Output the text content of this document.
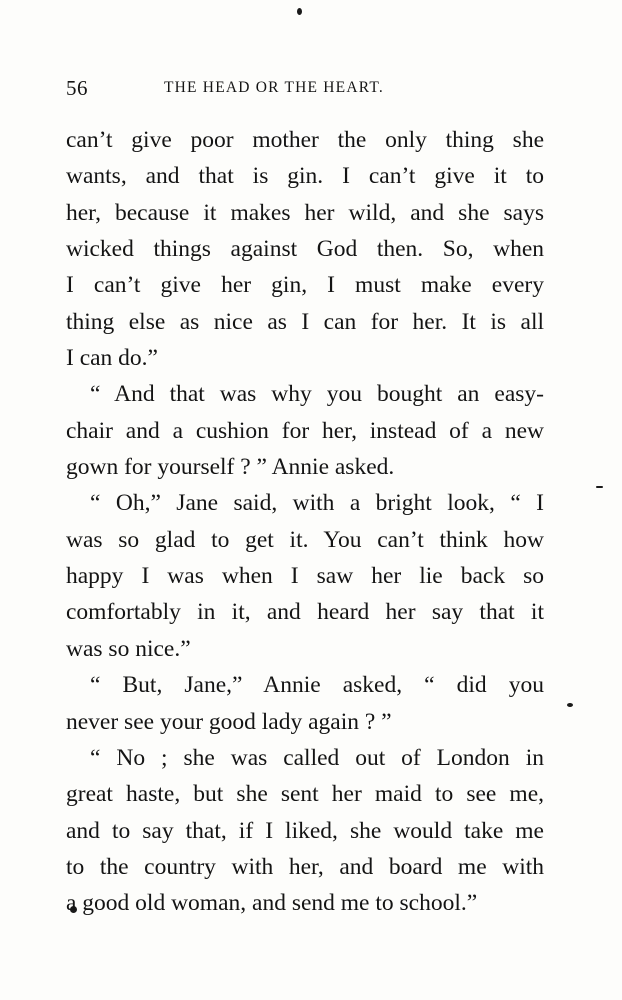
56	THE HEAD OR THE HEART.
can’t give poor mother the only thing she
wants, and that is gin. I can’t give it to
her, because it makes her wild, and she says
wicked things against God then. So, when
I can’t give her gin, I must make every
thing else as nice as I can for her. It is all
I can do.”
“ And that was why you bought an easy-
chair and a cushion for her, instead of a new
gown for yourself ? ” Annie asked.
“ Oh,” Jane said, with a bright look, “ I
was so glad to get it. You can’t think how
happy I was when I saw her lie back so
comfortably in it, and heard her say that it
was so nice.”
“ But, Jane,” Annie asked, “ did you
never see your good lady again ? ”
“ No ; she was called out of London in
great haste, but she sent her maid to see me,
and to say that, if I liked, she would take me
to the country with her, and board me with
a good old woman, and send me to school.”
